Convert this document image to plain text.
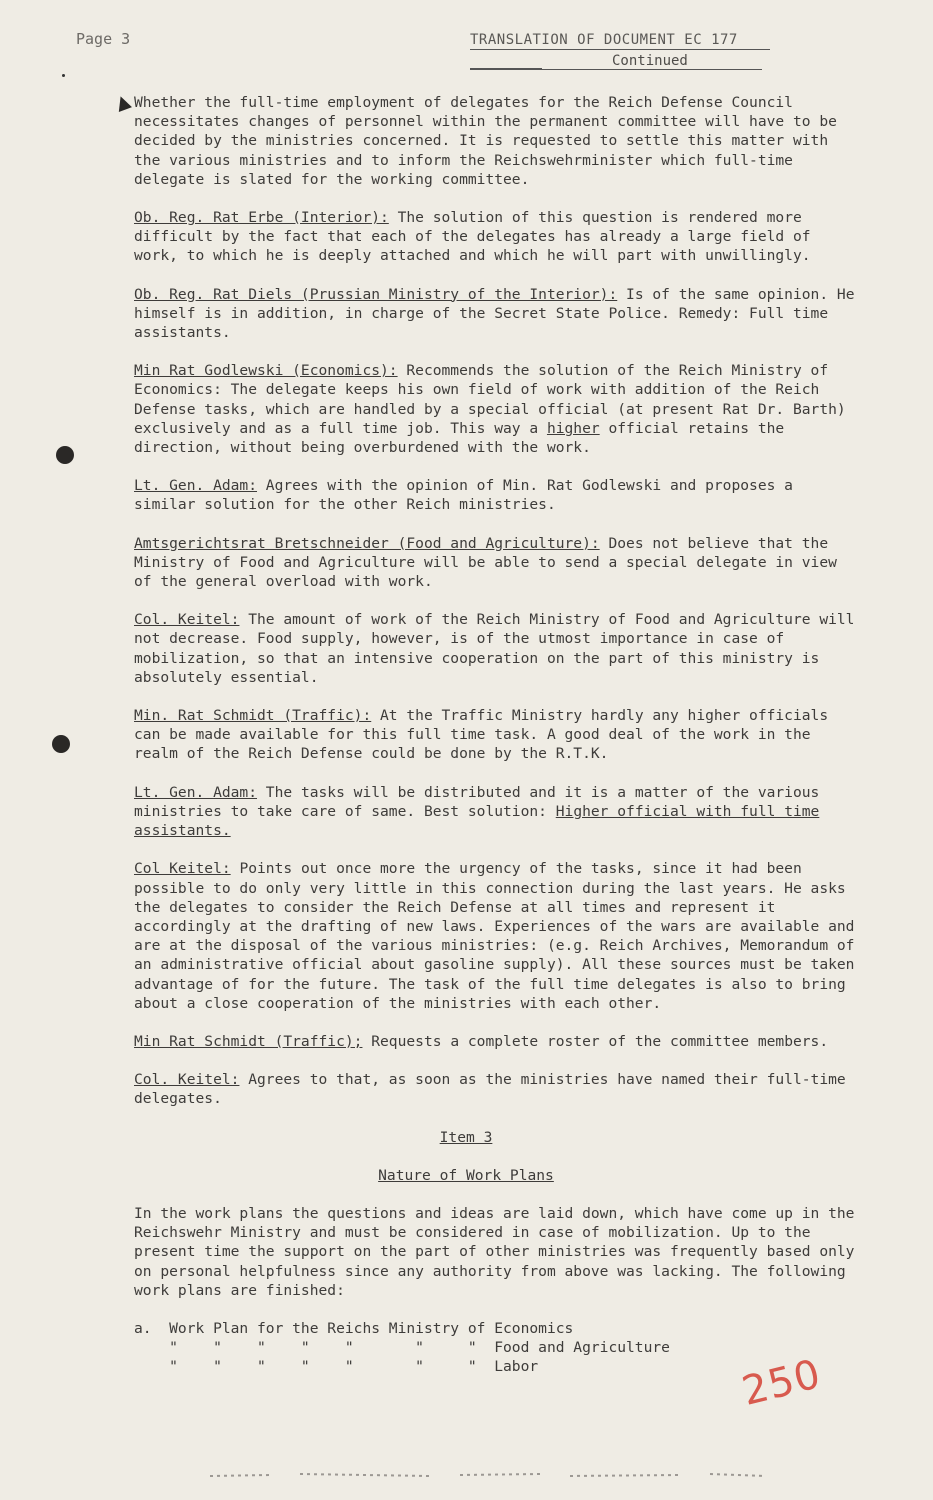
Page 3	TRANSLATION OF DOCUMENT EC 177
Continued

Whether the full-time employment of delegates for the Reich Defense Council necessitates changes of personnel within the permanent committee will have to be decided by the ministries concerned. It is requested to settle this matter with the various ministries and to inform the Reichswehrminister which full-time delegate is slated for the working committee.

Ob. Reg. Rat Erbe (Interior): The solution of this question is rendered more difficult by the fact that each of the delegates has already a large field of work, to which he is deeply attached and which he will part with unwillingly.

Ob. Reg. Rat Diels (Prussian Ministry of the Interior): Is of the same opinion. He himself is in addition, in charge of the Secret State Police. Remedy: Full time assistants.

Min Rat Godlewski (Economics): Recommends the solution of the Reich Ministry of Economics: The delegate keeps his own field of work with addition of the Reich Defense tasks, which are handled by a special official (at present Rat Dr. Barth) exclusively and as a full time job. This way a higher official retains the direction, without being overburdened with the work.

Lt. Gen. Adam: Agrees with the opinion of Min. Rat Godlewski and proposes a similar solution for the other Reich ministries.

Amtsgerichtsrat Bretschneider (Food and Agriculture): Does not believe that the Ministry of Food and Agriculture will be able to send a special delegate in view of the general overload with work.

Col. Keitel: The amount of work of the Reich Ministry of Food and Agriculture will not decrease. Food supply, however, is of the utmost importance in case of mobilization, so that an intensive cooperation on the part of this ministry is absolutely essential.

Min. Rat Schmidt (Traffic): At the Traffic Ministry hardly any higher officials can be made available for this full time task. A good deal of the work in the realm of the Reich Defense could be done by the R.T.K.

Lt. Gen. Adam: The tasks will be distributed and it is a matter of the various ministries to take care of same. Best solution: Higher official with full time assistants.

Col Keitel: Points out once more the urgency of the tasks, since it had been possible to do only very little in this connection during the last years. He asks the delegates to consider the Reich Defense at all times and represent it accordingly at the drafting of new laws. Experiences of the wars are available and are at the disposal of the various ministries: (e.g. Reich Archives, Memorandum of an administrative official about gasoline supply). All these sources must be taken advantage of for the future. The task of the full time delegates is also to bring about a close cooperation of the ministries with each other.

Min Rat Schmidt (Traffic); Requests a complete roster of the committee members.

Col. Keitel: Agrees to that, as soon as the ministries have named their full-time delegates.

Item 3

Nature of Work Plans

In the work plans the questions and ideas are laid down, which have come up in the Reichswehr Ministry and must be considered in case of mobilization. Up to the present time the support on the part of other ministries was frequently based only on personal helpfulness since any authority from above was lacking. The following work plans are finished:

a.  Work Plan for the Reichs Ministry of Economics
"    "    "    "    "       "     "  Food and Agriculture
"    "    "    "    "       "     "  Labor	250
